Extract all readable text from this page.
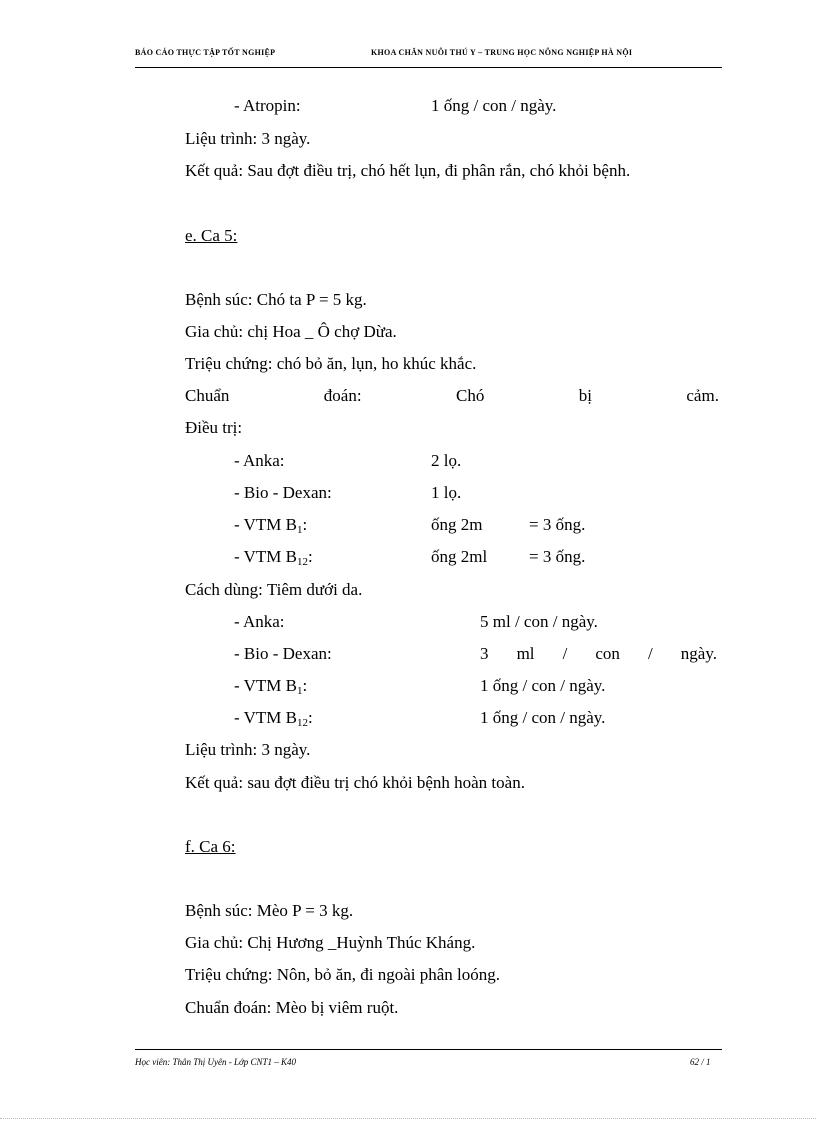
BÁO CÁO THỰC TẬP TỐT NGHIỆP	KHOA CHĂN NUÔI THÚ Y – TRUNG HỌC NÔNG NGHIỆP HÀ NỘI
- Atropin:	1 ống / con / ngày.
Liệu trình: 3 ngày.
Kết quả: Sau đợt điều trị, chó hết lụn, đi phân rắn, chó khỏi bệnh.
e. Ca 5:
Bệnh súc: Chó ta P = 5 kg.
Gia chủ: chị Hoa _ Ô chợ Dừa.
Triệu chứng: chó bỏ ăn, lụn, ho khúc khắc.
Chuẩn	đoán:	Chó	bị	cảm.
Điều trị:
- Anka:	2 lọ.
- Bio - Dexan:	1 lọ.
- VTM $B_1$:	ống 2m	= 3 ống.
- VTM $B_{12}$:	ống 2ml = 3 ống.
Cách dùng: Tiêm dưới da.
- Anka:	5 ml / con / ngày.
- Bio - Dexan:	3 ml / con / ngày.
- VTM $B_1$:	1 ống / con / ngày.
- VTM $B_{12}$:	1 ống / con / ngày.
Liệu trình: 3 ngày.
Kết quả: sau đợt điều trị chó khỏi bệnh hoàn toàn.
f. Ca 6:
Bệnh súc: Mèo P = 3 kg.
Gia chủ: Chị Hương _Huỳnh Thúc Kháng.
Triệu chứng: Nôn, bỏ ăn, đi ngoài phân loóng.
Chuẩn đoán: Mèo bị viêm ruột.
Học viên: Thân Thị Uyên - Lớp CNT1 – K40	62 / 1
